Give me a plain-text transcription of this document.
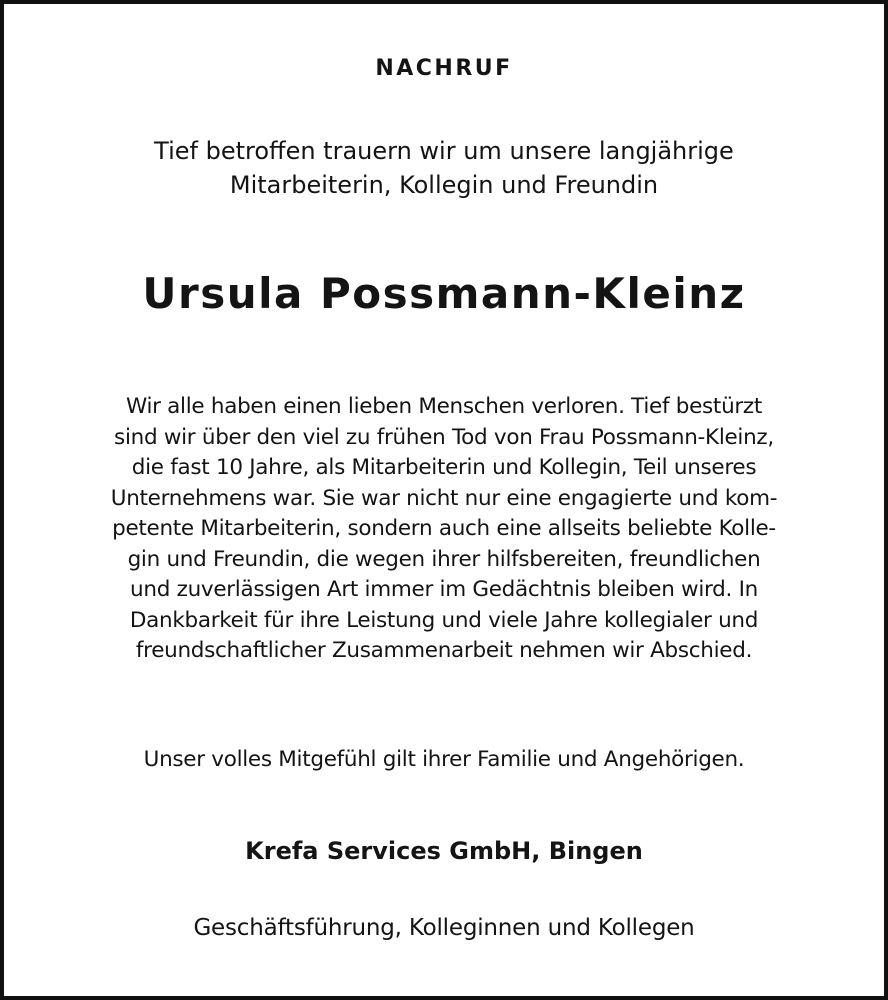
NACHRUF
Tief betroffen trauern wir um unsere langjährige
Mitarbeiterin, Kollegin und Freundin
Ursula Possmann-Kleinz
Wir alle haben einen lieben Menschen verloren. Tief bestürzt
sind wir über den viel zu frühen Tod von Frau Possmann-Kleinz,
die fast 10 Jahre, als Mitarbeiterin und Kollegin, Teil unseres
Unternehmens war. Sie war nicht nur eine engagierte und kom-
petente Mitarbeiterin, sondern auch eine allseits beliebte Kolle-
gin und Freundin, die wegen ihrer hilfsbereiten, freundlichen
und zuverlässigen Art immer im Gedächtnis bleiben wird. In
Dankbarkeit für ihre Leistung und viele Jahre kollegialer und
freundschaftlicher Zusammenarbeit nehmen wir Abschied.
Unser volles Mitgefühl gilt ihrer Familie und Angehörigen.
Krefa Services GmbH, Bingen
Geschäftsführung, Kolleginnen und Kollegen
